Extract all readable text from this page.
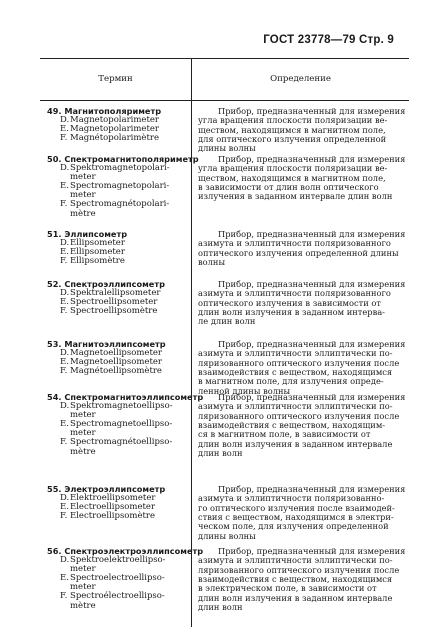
ГОСТ 23778—79 Стр. 9
Термин	Определение
49. Магнитополяриметр
D.Magnetopolarimeter
E.Magnetopolarimeter
F. Magnétopolarimètre
50. Спектромагнитополяриметр
D.Spektromagnetopolari-
meter
E.Spectromagnetopolari-
meter
F. Spectromagnétopolari-
mètre
51. Эллипсометр
D.Ellipsometer
E.Ellipsometer
F. Ellipsomètre
52. Спектроэллипсометр
D.Spektralellipsometer
E.Spectroellipsometer
F. Spectroellipsomètre
53. Магнитоэллипсометр
D.Magnetoellipsometer
E.Magnetoellipsometer
F. Magnétoellipsomètre
54. Спектромагнитоэллипсометр
D.Spektromagnetoellipso-
meter
E.Spectromagnetoellipso-
meter
F. Spectromagnétoellipso-
mètre
55. Электроэллипсометр
D.Elektroellipsometer
E.Electroellipsometer
F. Electroellipsomètre
56. Спектроэлектроэллипсометр
D.Spektroelektroellipso-
meter
E.Spectroelectroellipso-
meter
F. Spectroélectroellipso-
mètre
Прибор, предназначенный для измерения
угла вращения плоскости поляризации ве-
ществом, находящимся в магнитном поле,
для оптического излучения определенной
длины волны
Прибор, предназначенный для измерения
угла вращения плоскости поляризации ве-
ществом, находящимся в магнитном поле,
в зависимости от длин волн оптического
излучения в заданном интервале длин волн
Прибор, предназначенный для измерения
азимута и эллиптичности поляризованного
оптического излучения определенной длины
волны
Прибор, предназначенный для измерения
азимута и эллиптичности поляризованного
оптического излучения в зависимости от
длин волн излучения в заданном интерва-
ле длин волн
Прибор, предназначенный для измерения
азимута и эллиптичности эллиптически по-
ляризованного оптического излучения после
взаимодействия с веществом, находящимся
в магнитном поле, для излучения опреде-
ленной длины волны
Прибор, предназначенный для измерения
азимута и эллиптичности эллиптически по-
ляризованного оптического излучения после
взаимодействия с веществом, находящим-
ся в магнитном поле, в зависимости от
длин волн излучения в заданном интервале
длин волн
Прибор, предназначенный для измерения
азимута и эллиптичности поляризованно-
го оптического излучения после взаимодей-
ствия с веществом, находящимся в электри-
ческом поле, для излучения определенной
длины волны
Прибор, предназначенный для измерения
азимута и эллиптичности эллиптически по-
ляризованного оптического излучения после
взаимодействия с веществом, находящимся
в электрическом поле, в зависимости от
длин волн излучения в заданном интервале
длин волн
